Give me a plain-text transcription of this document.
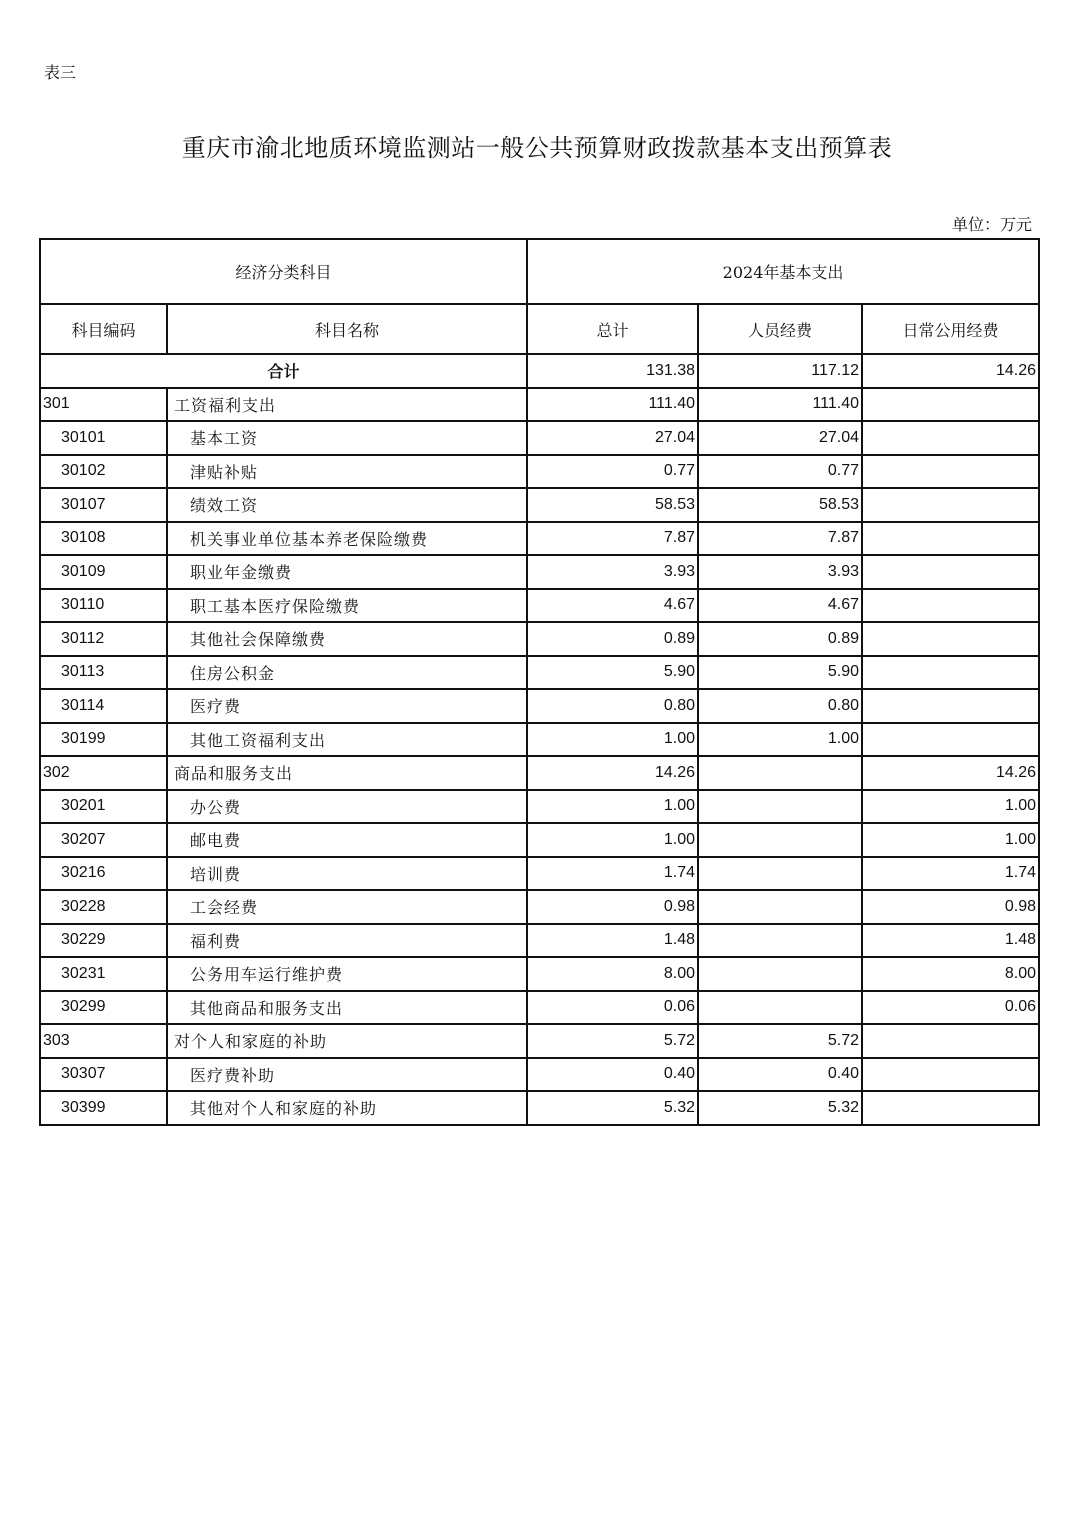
表三
重庆市渝北地质环境监测站一般公共预算财政拨款基本支出预算表
单位：万元
经济分类科目		2024年基本支出		
科目编码	科目名称	总计	人员经费	日常公用经费
合计		131.38	117.12	14.26
301	工资福利支出	111.40	111.40	
30101	基本工资	27.04	27.04	
30102	津贴补贴	0.77	0.77	
30107	绩效工资	58.53	58.53	
30108	机关事业单位基本养老保险缴费	7.87	7.87	
30109	职业年金缴费	3.93	3.93	
30110	职工基本医疗保险缴费	4.67	4.67	
30112	其他社会保障缴费	0.89	0.89	
30113	住房公积金	5.90	5.90	
30114	医疗费	0.80	0.80	
30199	其他工资福利支出	1.00	1.00	
302	商品和服务支出	14.26		14.26
30201	办公费	1.00		1.00
30207	邮电费	1.00		1.00
30216	培训费	1.74		1.74
30228	工会经费	0.98		0.98
30229	福利费	1.48		1.48
30231	公务用车运行维护费	8.00		8.00
30299	其他商品和服务支出	0.06		0.06
303	对个人和家庭的补助	5.72	5.72	
30307	医疗费补助	0.40	0.40	
30399	其他对个人和家庭的补助	5.32	5.32	
